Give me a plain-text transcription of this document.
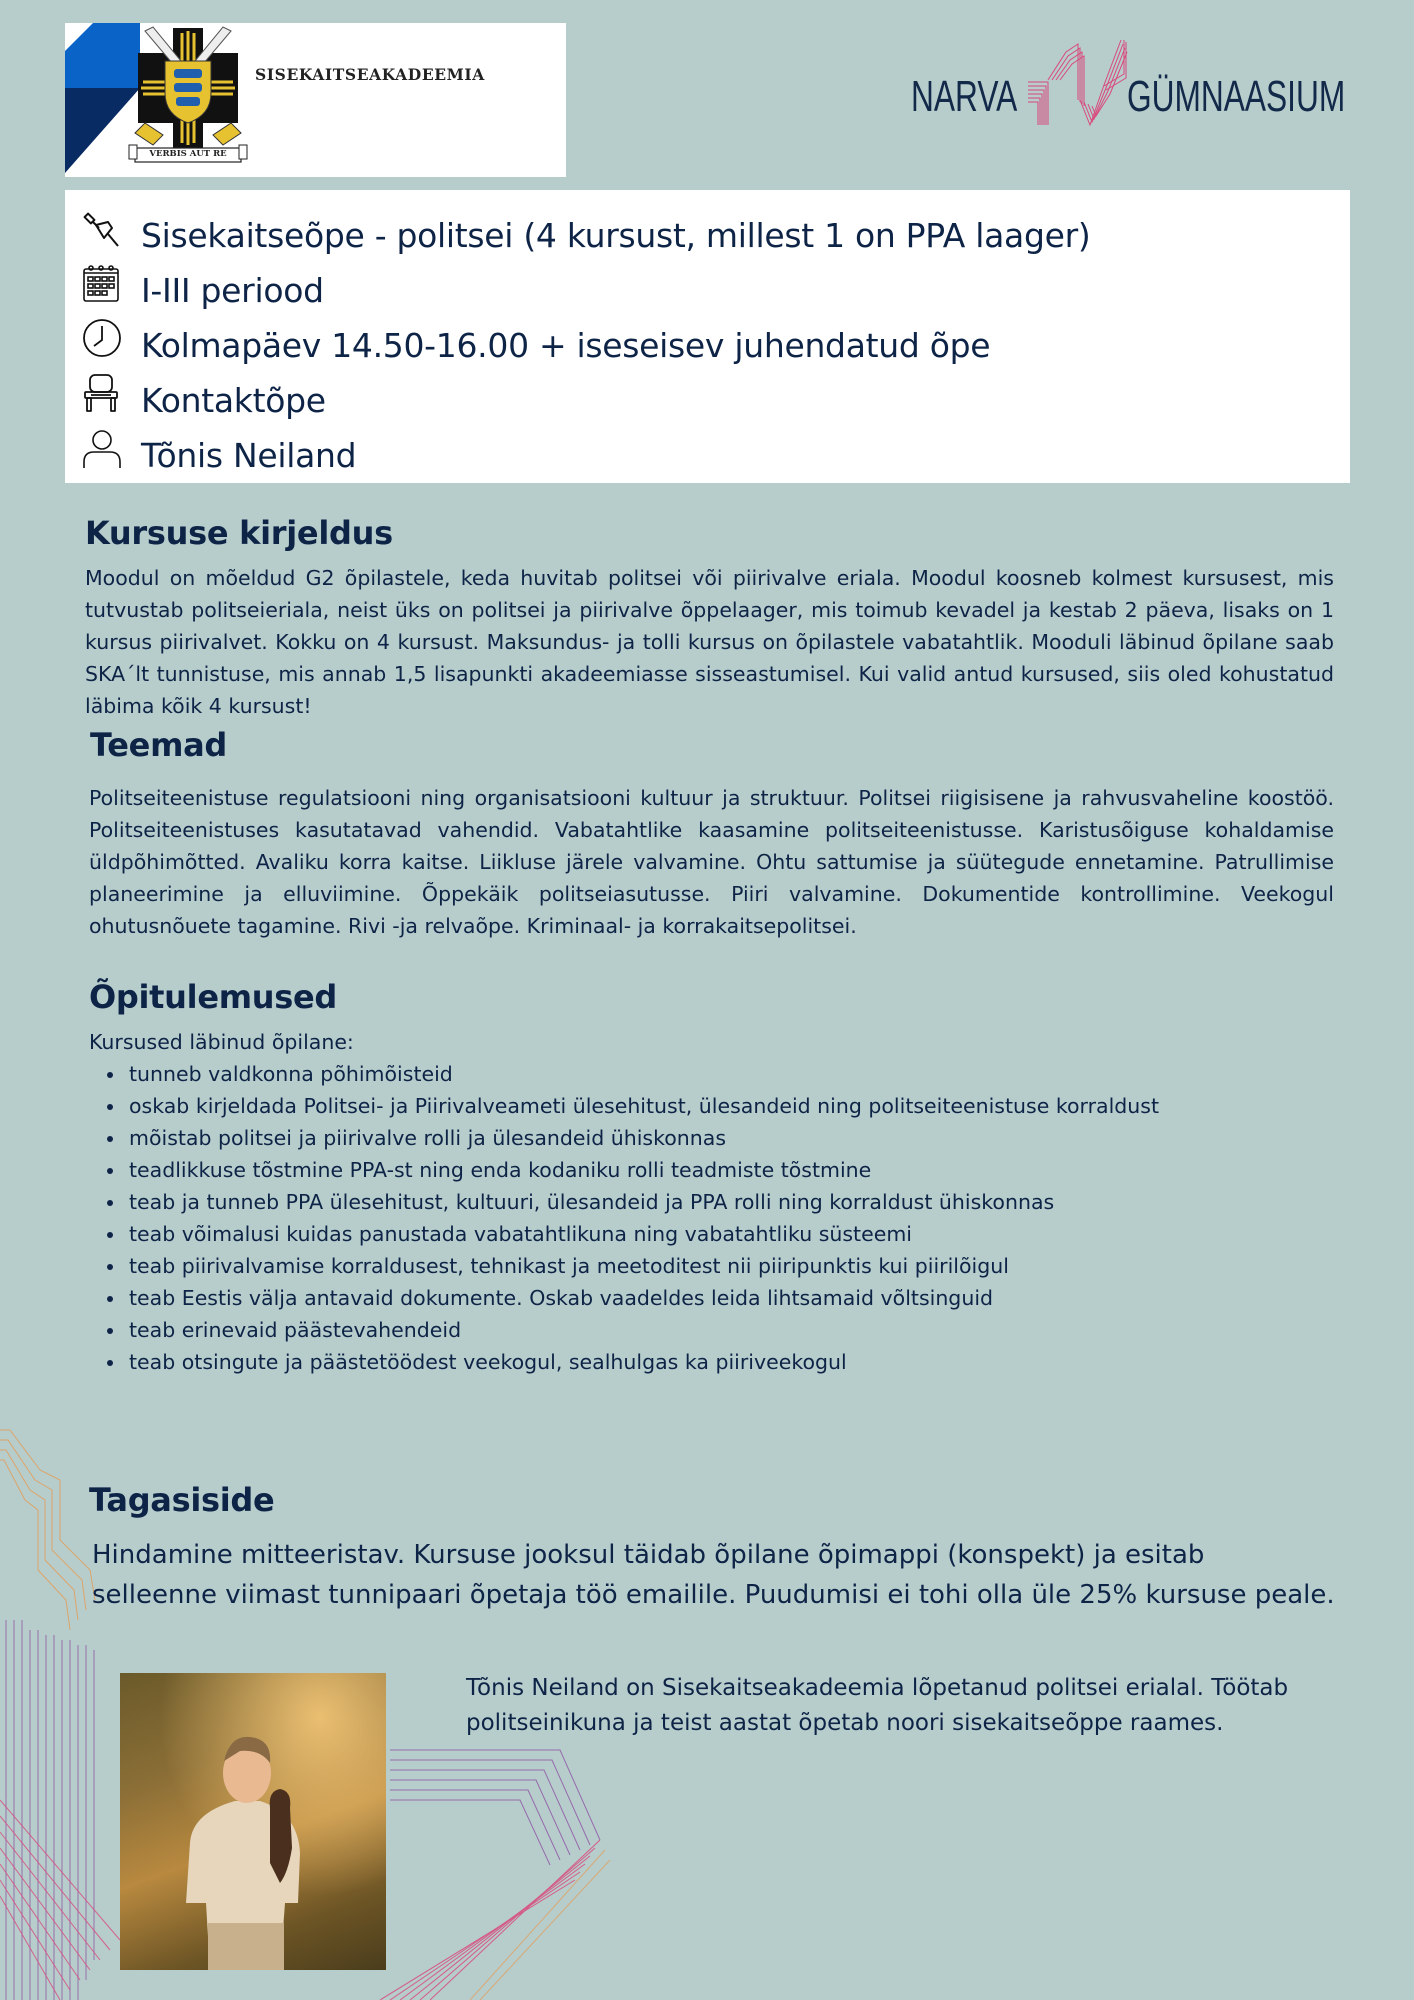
VERBIS AUT RE
SISEKAITSEAKADEEMIA	NARVA GÜMNAASIUM
Sisekaitseõpe - politsei (4 kursust, millest 1 on PPA laager)
I-III periood
Kolmapäev 14.50-16.00 + iseseisev juhendatud õpe
Kontaktõpe
Tõnis Neiland
Kursuse kirjeldus
Moodul on mõeldud G2 õpilastele, keda huvitab politsei või piirivalve eriala. Moodul koosneb kolmest kursusest, mis tutvustab politseieriala, neist üks on politsei ja piirivalve õppelaager, mis toimub kevadel ja kestab 2 päeva, lisaks on 1 kursus piirivalvet. Kokku on 4 kursust. Maksundus- ja tolli kursus on õpilastele vabatahtlik. Mooduli läbinud õpilane saab SKA´lt tunnistuse, mis annab 1,5 lisapunkti akadeemiasse sisseastumisel. Kui valid antud kursused, siis oled kohustatud läbima kõik 4 kursust!
Teemad
Politseiteenistuse regulatsiooni ning organisatsiooni kultuur ja struktuur. Politsei riigisisene ja rahvusvaheline koostöö. Politseiteenistuses kasutatavad vahendid. Vabatahtlike kaasamine politseiteenistusse. Karistusõiguse kohaldamise üldpõhimõtted. Avaliku korra kaitse. Liikluse järele valvamine. Ohtu sattumise ja süütegude ennetamine. Patrullimise planeerimine ja elluviimine. Õppekäik politseiasutusse. Piiri valvamine. Dokumentide kontrollimine. Veekogul ohutusnõuete tagamine. Rivi -ja relvaõpe. Kriminaal- ja korrakaitsepolitsei.
Õpitulemused
Kursused läbinud õpilane:
tunneb valdkonna põhimõisteid
oskab kirjeldada Politsei- ja Piirivalveameti ülesehitust, ülesandeid ning politseiteenistuse korraldust
mõistab politsei ja piirivalve rolli ja ülesandeid ühiskonnas
teadlikkuse tõstmine PPA-st ning enda kodaniku rolli teadmiste tõstmine
teab ja tunneb PPA ülesehitust, kultuuri, ülesandeid ja PPA rolli ning korraldust ühiskonnas
teab võimalusi kuidas panustada vabatahtlikuna ning vabatahtliku süsteemi
teab piirivalvamise korraldusest, tehnikast ja meetoditest nii piiripunktis kui piirilõigul
teab Eestis välja antavaid dokumente. Oskab vaadeldes leida lihtsamaid võltsinguid
teab erinevaid päästevahendeid
teab otsingute ja päästetöödest veekogul, sealhulgas ka piiriveekogul
Tagasiside
Hindamine mitteeristav. Kursuse jooksul täidab õpilane õpimappi (konspekt) ja esitab
selleenne viimast tunnipaari õpetaja töö emailile. Puudumisi ei tohi olla üle 25% kursuse peale.
Tõnis Neiland on Sisekaitseakadeemia lõpetanud politsei erialal. Töötab
politseinikuna ja teist aastat õpetab noori sisekaitseõppe raames.
